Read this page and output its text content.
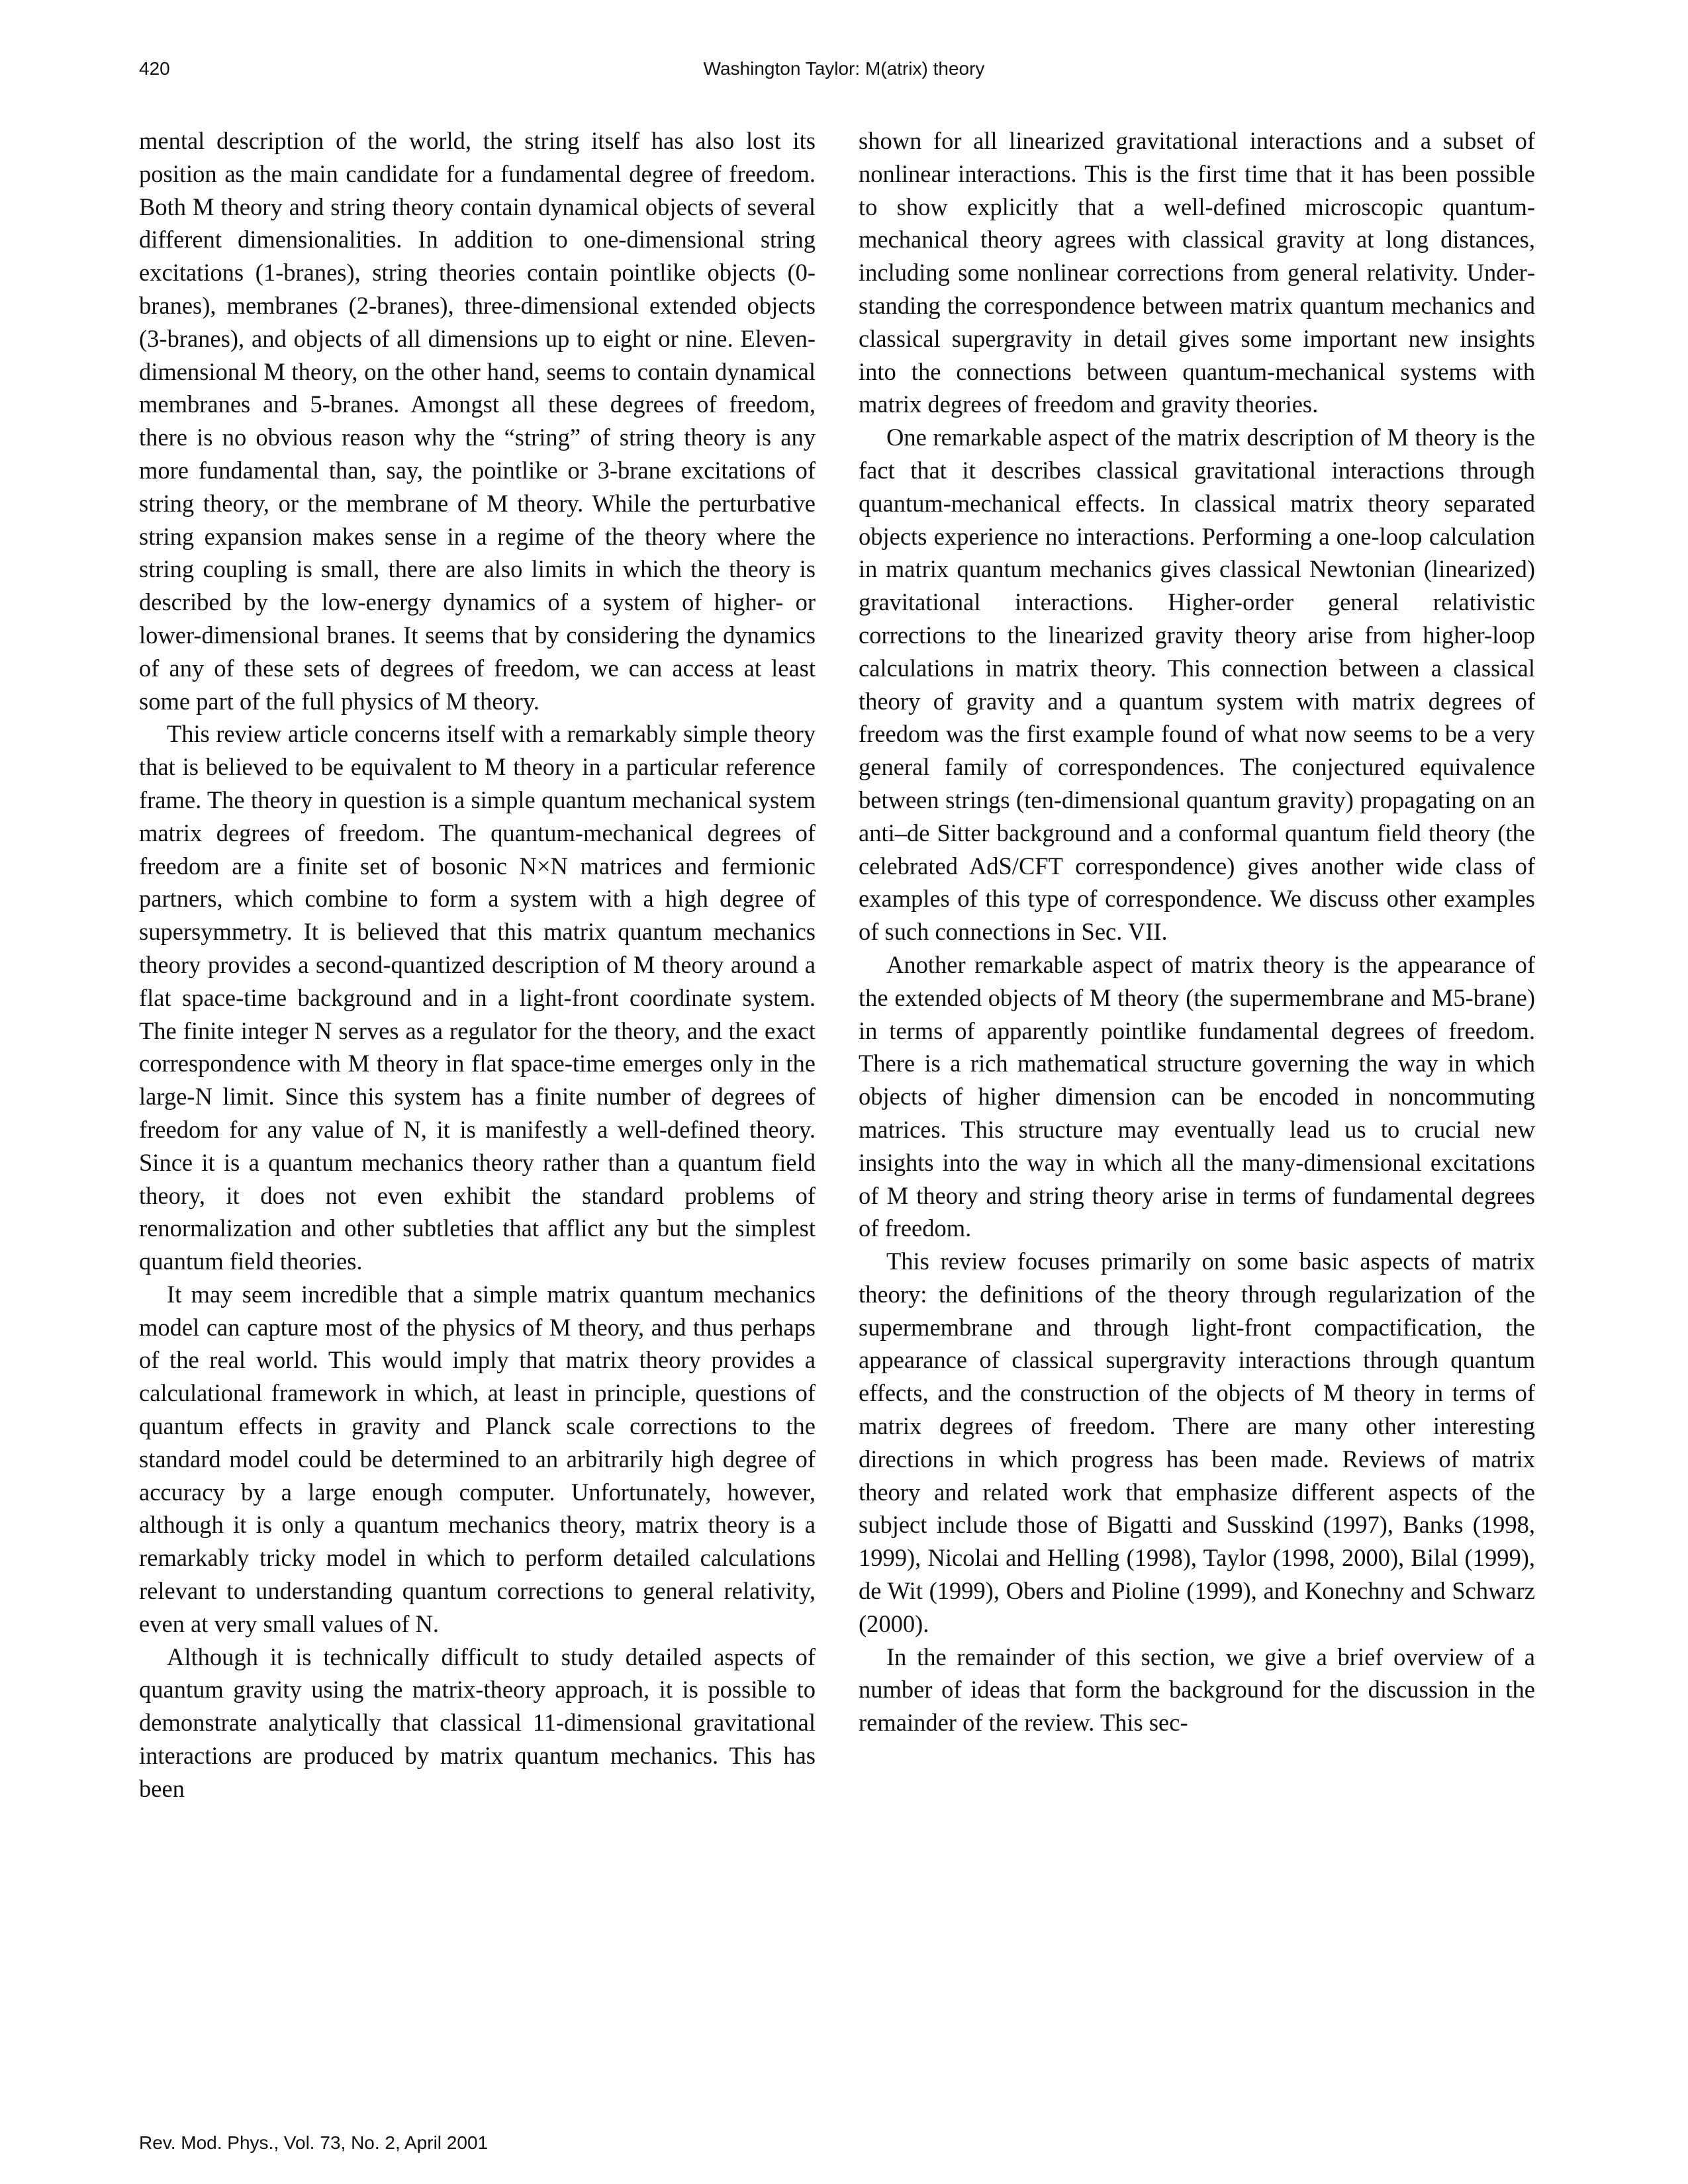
420	Washington Taylor: M(atrix) theory

mental description of the world, the string itself has also lost its position as the main candidate for a fundamental degree of freedom. Both M theory and string theory contain dynamical objects of several different dimensionalities. In addition to one-dimensional string excitations (1-branes), string theories contain pointlike objects (0-branes), membranes (2-branes), three-dimensional extended objects (3-branes), and objects of all dimensions up to eight or nine. Eleven-dimensional M theory, on the other hand, seems to contain dynamical membranes and 5-branes. Amongst all these degrees of freedom, there is no obvious reason why the “string” of string theory is any more fundamental than, say, the pointlike or 3-brane excitations of string theory, or the membrane of M theory. While the perturbative string expansion makes sense in a regime of the theory where the string coupling is small, there are also limits in which the theory is described by the low-energy dynamics of a system of higher- or lower-dimensional branes. It seems that by considering the dynamics of any of these sets of degrees of freedom, we can access at least some part of the full physics of M theory.

This review article concerns itself with a remarkably simple theory that is believed to be equivalent to M theory in a particular reference frame. The theory in question is a simple quantum mechanical system matrix degrees of freedom. The quantum-mechanical degrees of freedom are a finite set of bosonic N×N matrices and fermionic partners, which combine to form a system with a high degree of supersymmetry. It is believed that this matrix quantum mechanics theory provides a second-quantized description of M theory around a flat space-time background and in a light-front coordinate system. The finite integer N serves as a regulator for the theory, and the exact correspondence with M theory in flat space-time emerges only in the large-N limit. Since this system has a finite number of degrees of freedom for any value of N, it is manifestly a well-defined theory. Since it is a quantum mechanics theory rather than a quantum field theory, it does not even exhibit the standard problems of renormalization and other subtleties that afflict any but the simplest quantum field theories.

It may seem incredible that a simple matrix quantum mechanics model can capture most of the physics of M theory, and thus perhaps of the real world. This would imply that matrix theory provides a calculational framework in which, at least in principle, questions of quantum effects in gravity and Planck scale corrections to the standard model could be determined to an arbitrarily high degree of accuracy by a large enough computer. Unfortunately, however, although it is only a quantum mechanics theory, matrix theory is a remarkably tricky model in which to perform detailed calculations relevant to understanding quantum corrections to general relativity, even at very small values of N.

Although it is technically difficult to study detailed aspects of quantum gravity using the matrix-theory approach, it is possible to demonstrate analytically that classical 11-dimensional gravitational interactions are produced by matrix quantum mechanics. This has been

shown for all linearized gravitational interactions and a subset of nonlinear interactions. This is the first time that it has been possible to show explicitly that a well-defined microscopic quantum-mechanical theory agrees with classical gravity at long distances, including some nonlinear corrections from general relativity. Understanding the correspondence between matrix quantum mechanics and classical supergravity in detail gives some important new insights into the connections between quantum-mechanical systems with matrix degrees of freedom and gravity theories.

One remarkable aspect of the matrix description of M theory is the fact that it describes classical gravitational interactions through quantum-mechanical effects. In classical matrix theory separated objects experience no interactions. Performing a one-loop calculation in matrix quantum mechanics gives classical Newtonian (linearized) gravitational interactions. Higher-order general relativistic corrections to the linearized gravity theory arise from higher-loop calculations in matrix theory. This connection between a classical theory of gravity and a quantum system with matrix degrees of freedom was the first example found of what now seems to be a very general family of correspondences. The conjectured equivalence between strings (ten-dimensional quantum gravity) propagating on an anti–de Sitter background and a conformal quantum field theory (the celebrated AdS/CFT correspondence) gives another wide class of examples of this type of correspondence. We discuss other examples of such connections in Sec. VII.

Another remarkable aspect of matrix theory is the appearance of the extended objects of M theory (the supermembrane and M5-brane) in terms of apparently pointlike fundamental degrees of freedom. There is a rich mathematical structure governing the way in which objects of higher dimension can be encoded in noncommuting matrices. This structure may eventually lead us to crucial new insights into the way in which all the many-dimensional excitations of M theory and string theory arise in terms of fundamental degrees of freedom.

This review focuses primarily on some basic aspects of matrix theory: the definitions of the theory through regularization of the supermembrane and through light-front compactification, the appearance of classical supergravity interactions through quantum effects, and the construction of the objects of M theory in terms of matrix degrees of freedom. There are many other interesting directions in which progress has been made. Reviews of matrix theory and related work that emphasize different aspects of the subject include those of Bigatti and Susskind (1997), Banks (1998, 1999), Nicolai and Helling (1998), Taylor (1998, 2000), Bilal (1999), de Wit (1999), Obers and Pioline (1999), and Konechny and Schwarz (2000).

In the remainder of this section, we give a brief overview of a number of ideas that form the background for the discussion in the remainder of the review. This sec-

Rev. Mod. Phys., Vol. 73, No. 2, April 2001
